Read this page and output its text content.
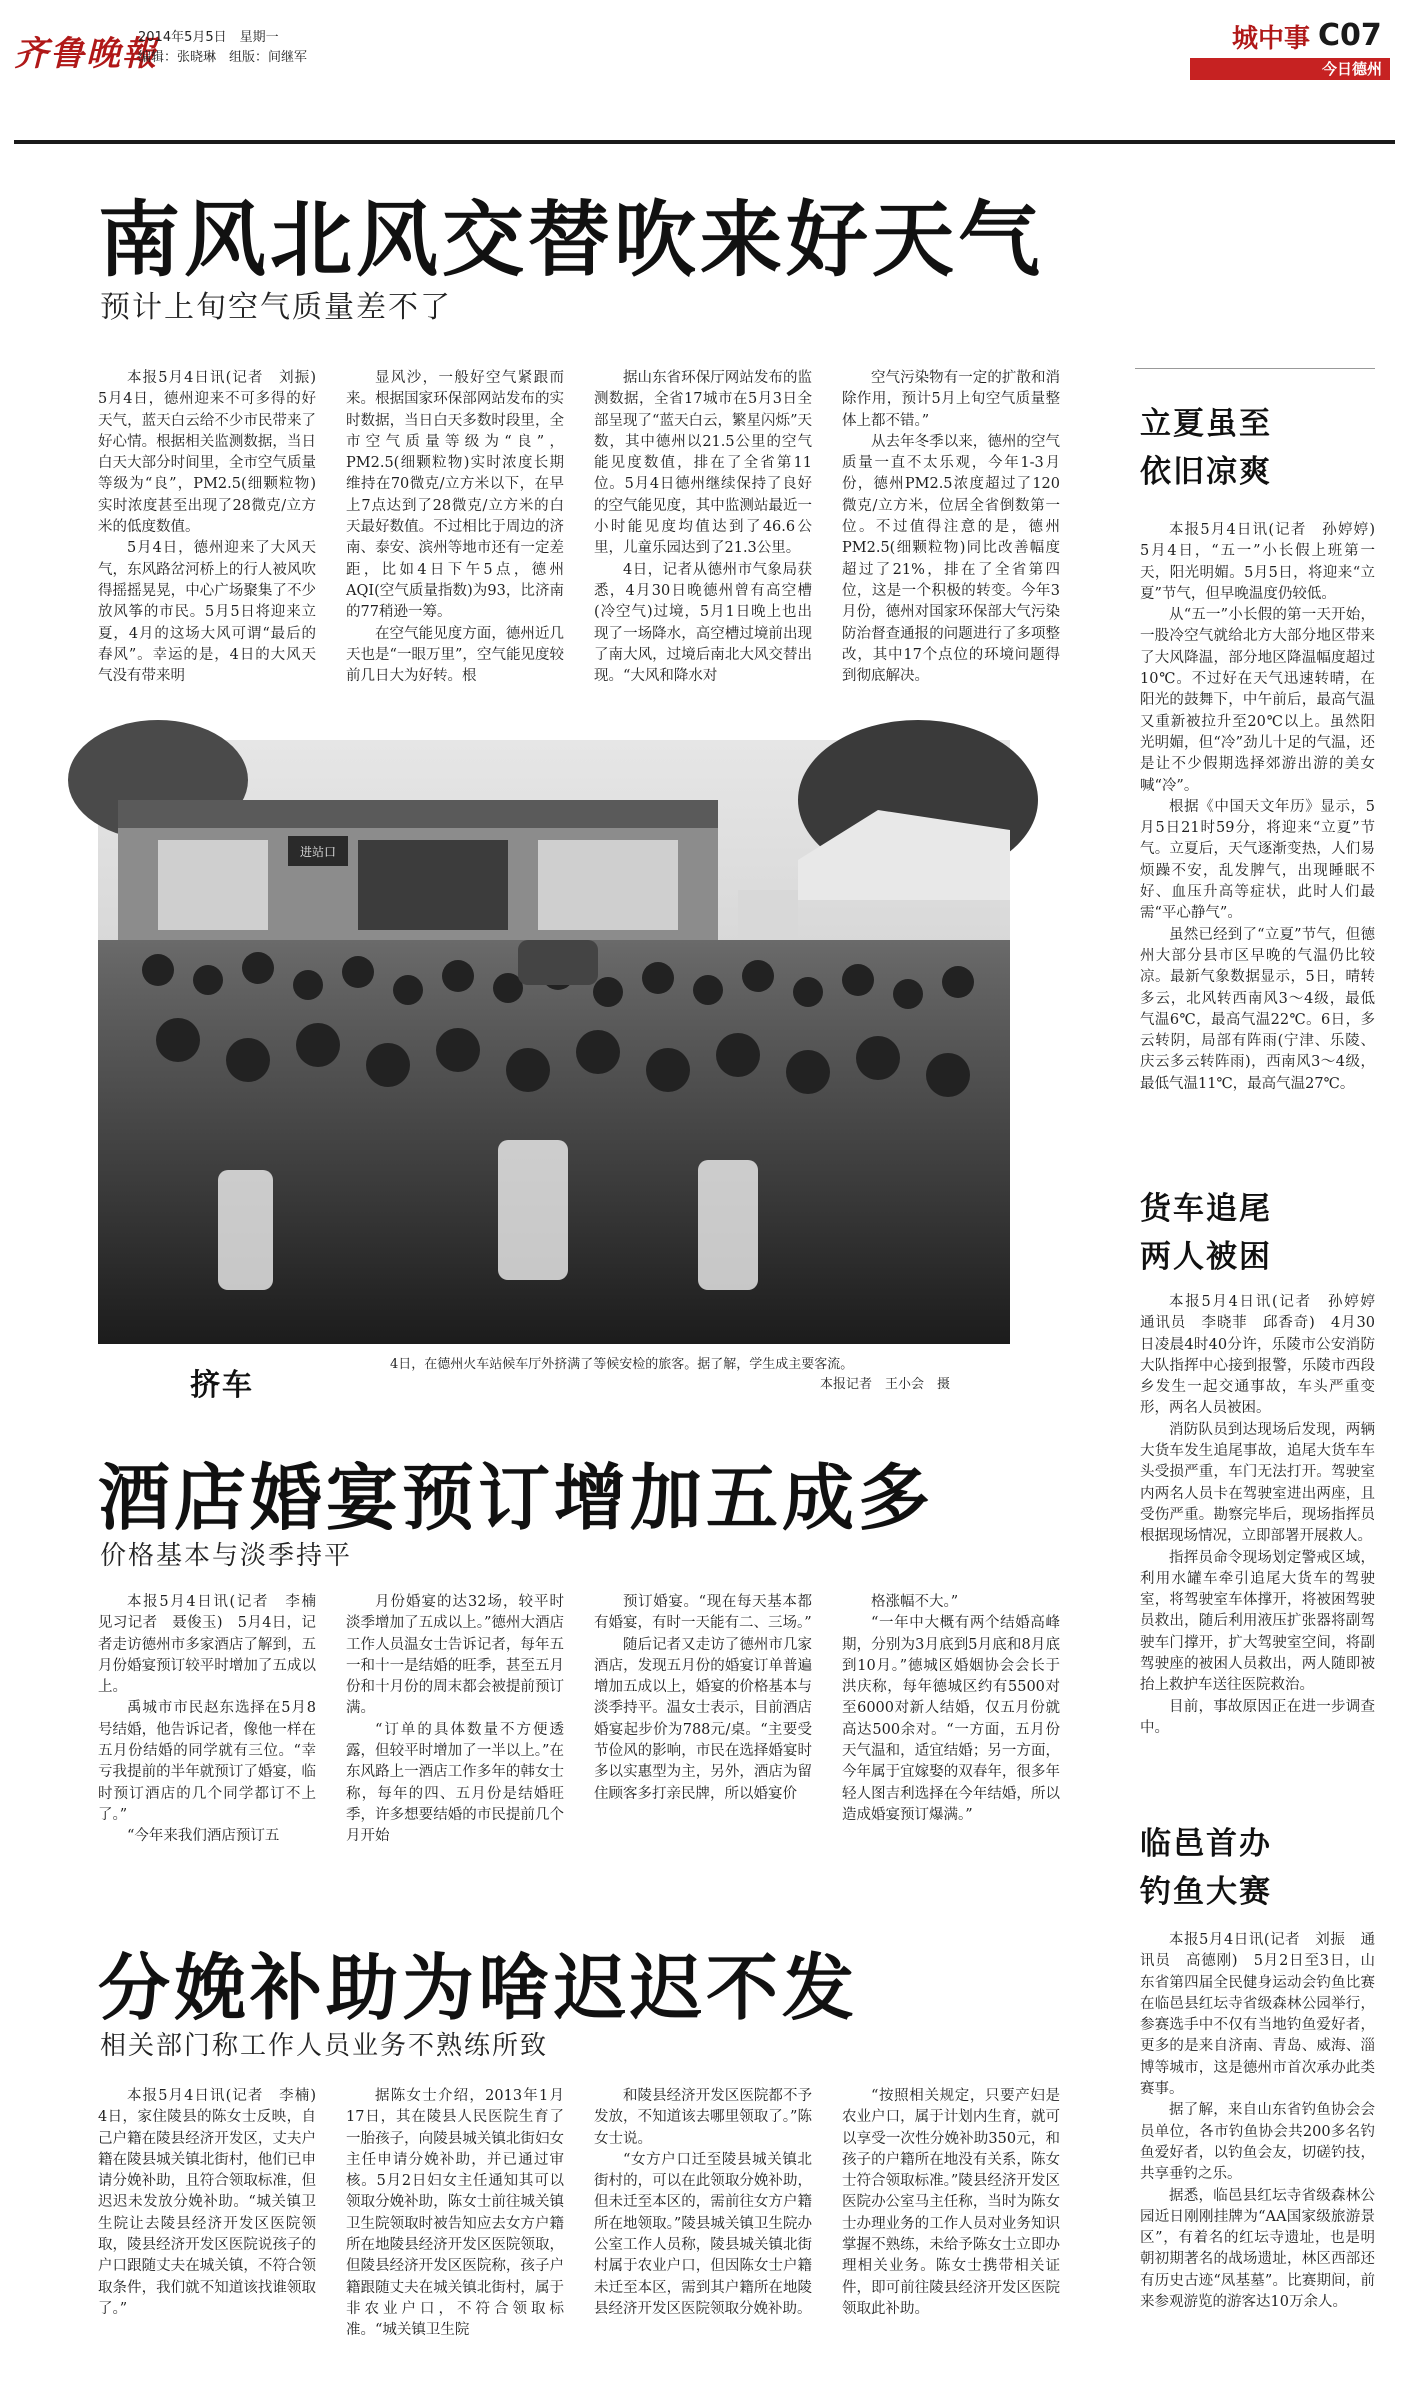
齐鲁晚報
2014年5月5日　星期一
编辑：张晓琳　组版：间继军
城中事 C07
今日德州
南风北风交替吹来好天气
预计上旬空气质量差不了

本报5月4日讯(记者　刘振)　5月4日，德州迎来不可多得的好天气，蓝天白云给不少市民带来了好心情。根据相关监测数据，当日白天大部分时间里，全市空气质量等级为“良”，PM2.5(细颗粒物)实时浓度甚至出现了28微克/立方米的低度数值。

5月4日，德州迎来了大风天气，东风路岔河桥上的行人被风吹得摇摇晃晃，中心广场聚集了不少放风筝的市民。5月5日将迎来立夏，4月的这场大风可谓“最后的春风”。幸运的是，4日的大风天气没有带来明

显风沙，一般好空气紧跟而来。根据国家环保部网站发布的实时数据，当日白天多数时段里，全市空气质量等级为“良”，PM2.5(细颗粒物)实时浓度长期维持在70微克/立方米以下，在早上7点达到了28微克/立方米的白天最好数值。不过相比于周边的济南、泰安、滨州等地市还有一定差距，比如4日下午5点，德州AQI(空气质量指数)为93，比济南的77稍逊一筹。

在空气能见度方面，德州近几天也是“一眼万里”，空气能见度较前几日大为好转。根

据山东省环保厅网站发布的监测数据，全省17城市在5月3日全部呈现了“蓝天白云，繁星闪烁”天数，其中德州以21.5公里的空气能见度数值，排在了全省第11位。5月4日德州继续保持了良好的空气能见度，其中监测站最近一小时能见度均值达到了46.6公里，儿童乐园达到了21.3公里。

4日，记者从德州市气象局获悉，4月30日晚德州曾有高空槽(冷空气)过境，5月1日晚上也出现了一场降水，高空槽过境前出现了南大风，过境后南北大风交替出现。“大风和降水对

空气污染物有一定的扩散和消除作用，预计5月上旬空气质量整体上都不错。”

从去年冬季以来，德州的空气质量一直不太乐观，今年1-3月份，德州PM2.5浓度超过了120微克/立方米，位居全省倒数第一位。不过值得注意的是，德州PM2.5(细颗粒物)同比改善幅度超过了21%，排在了全省第四位，这是一个积极的转变。今年3月份，德州对国家环保部大气污染防治督查通报的问题进行了多项整改，其中17个点位的环境问题得到彻底解决。

进站口
挤车
4日，在德州火车站候车厅外挤满了等候安检的旅客。据了解，学生成主要客流。
本报记者　王小会　摄
酒店婚宴预订增加五成多
价格基本与淡季持平

本报5月4日讯(记者　李楠　见习记者　聂俊玉)　5月4日，记者走访德州市多家酒店了解到，五月份婚宴预订较平时增加了五成以上。

禹城市市民赵东选择在5月8号结婚，他告诉记者，像他一样在五月份结婚的同学就有三位。“幸亏我提前的半年就预订了婚宴，临时预订酒店的几个同学都订不上了。”

“今年来我们酒店预订五

月份婚宴的达32场，较平时淡季增加了五成以上。”德州大酒店工作人员温女士告诉记者，每年五一和十一是结婚的旺季，甚至五月份和十月份的周末都会被提前预订满。

“订单的具体数量不方便透露，但较平时增加了一半以上。”在东风路上一酒店工作多年的韩女士称，每年的四、五月份是结婚旺季，许多想要结婚的市民提前几个月开始

预订婚宴。“现在每天基本都有婚宴，有时一天能有二、三场。”

随后记者又走访了德州市几家酒店，发现五月份的婚宴订单普遍增加五成以上，婚宴的价格基本与淡季持平。温女士表示，目前酒店婚宴起步价为788元/桌。“主要受节俭风的影响，市民在选择婚宴时多以实惠型为主，另外，酒店为留住顾客多打亲民牌，所以婚宴价

格涨幅不大。”

“一年中大概有两个结婚高峰期，分别为3月底到5月底和8月底到10月。”德城区婚姻协会会长于洪庆称，每年德城区约有5500对至6000对新人结婚，仅五月份就高达500余对。“一方面，五月份天气温和，适宜结婚；另一方面，今年属于宜嫁娶的双春年，很多年轻人图吉利选择在今年结婚，所以造成婚宴预订爆满。”

分娩补助为啥迟迟不发
相关部门称工作人员业务不熟练所致

本报5月4日讯(记者　李楠)　4日，家住陵县的陈女士反映，自己户籍在陵县经济开发区，丈夫户籍在陵县城关镇北街村，他们已申请分娩补助，且符合领取标准，但迟迟未发放分娩补助。“城关镇卫生院让去陵县经济开发区医院领取，陵县经济开发区医院说孩子的户口跟随丈夫在城关镇，不符合领取条件，我们就不知道该找谁领取了。”

据陈女士介绍，2013年1月17日，其在陵县人民医院生育了一胎孩子，向陵县城关镇北街妇女主任申请分娩补助，并已通过审核。5月2日妇女主任通知其可以领取分娩补助，陈女士前往城关镇卫生院领取时被告知应去女方户籍所在地陵县经济开发区医院领取，但陵县经济开发区医院称，孩子户籍跟随丈夫在城关镇北街村，属于非农业户口，不符合领取标准。“城关镇卫生院

和陵县经济开发区医院都不予发放，不知道该去哪里领取了。”陈女士说。

“女方户口迁至陵县城关镇北街村的，可以在此领取分娩补助，但未迁至本区的，需前往女方户籍所在地领取。”陵县城关镇卫生院办公室工作人员称，陵县城关镇北街村属于农业户口，但因陈女士户籍未迁至本区，需到其户籍所在地陵县经济开发区医院领取分娩补助。

“按照相关规定，只要产妇是农业户口，属于计划内生育，就可以享受一次性分娩补助350元，和孩子的户籍所在地没有关系，陈女士符合领取标准。”陵县经济开发区医院办公室马主任称，当时为陈女士办理业务的工作人员对业务知识掌握不熟练，未给予陈女士立即办理相关业务。陈女士携带相关证件，即可前往陵县经济开发区医院领取此补助。

立夏虽至
依旧凉爽

本报5月4日讯(记者　孙婷婷)　5月4日，“五一”小长假上班第一天，阳光明媚。5月5日，将迎来“立夏”节气，但早晚温度仍较低。

从“五一”小长假的第一天开始，一股冷空气就给北方大部分地区带来了大风降温，部分地区降温幅度超过10℃。不过好在天气迅速转晴，在阳光的鼓舞下，中午前后，最高气温又重新被拉升至20℃以上。虽然阳光明媚，但“冷”劲儿十足的气温，还是让不少假期选择郊游出游的美女喊“冷”。

根据《中国天文年历》显示，5月5日21时59分，将迎来“立夏”节气。立夏后，天气逐渐变热，人们易烦躁不安，乱发脾气，出现睡眠不好、血压升高等症状，此时人们最需“平心静气”。

虽然已经到了“立夏”节气，但德州大部分县市区早晚的气温仍比较凉。最新气象数据显示，5日，晴转多云，北风转西南风3～4级，最低气温6℃，最高气温22℃。6日，多云转阴，局部有阵雨(宁津、乐陵、庆云多云转阵雨)，西南风3～4级，最低气温11℃，最高气温27℃。

货车追尾
两人被困

本报5月4日讯(记者　孙婷婷　通讯员　李晓菲　邱香奇)　4月30日凌晨4时40分许，乐陵市公安消防大队指挥中心接到报警，乐陵市西段乡发生一起交通事故，车头严重变形，两名人员被困。

消防队员到达现场后发现，两辆大货车发生追尾事故，追尾大货车车头受损严重，车门无法打开。驾驶室内两名人员卡在驾驶室进出两座，且受伤严重。勘察完毕后，现场指挥员根据现场情况，立即部署开展救人。

指挥员命令现场划定警戒区域，利用水罐车牵引追尾大货车的驾驶室，将驾驶室车体撑开，将被困驾驶员救出，随后利用液压扩张器将副驾驶车门撑开，扩大驾驶室空间，将副驾驶座的被困人员救出，两人随即被抬上救护车送往医院救治。

目前，事故原因正在进一步调查中。

临邑首办
钓鱼大赛

本报5月4日讯(记者　刘振　通讯员　高德刚)　5月2日至3日，山东省第四届全民健身运动会钓鱼比赛在临邑县红坛寺省级森林公园举行，参赛选手中不仅有当地钓鱼爱好者，更多的是来自济南、青岛、威海、淄博等城市，这是德州市首次承办此类赛事。

据了解，来自山东省钓鱼协会会员单位，各市钓鱼协会共200多名钓鱼爱好者，以钓鱼会友，切磋钓技，共享垂钓之乐。

据悉，临邑县红坛寺省级森林公园近日刚刚挂牌为“AA国家级旅游景区”，有着名的红坛寺遗址，也是明朝初期著名的战场遗址，林区西部还有历史古迹“凤基墓”。比赛期间，前来参观游览的游客达10万余人。
